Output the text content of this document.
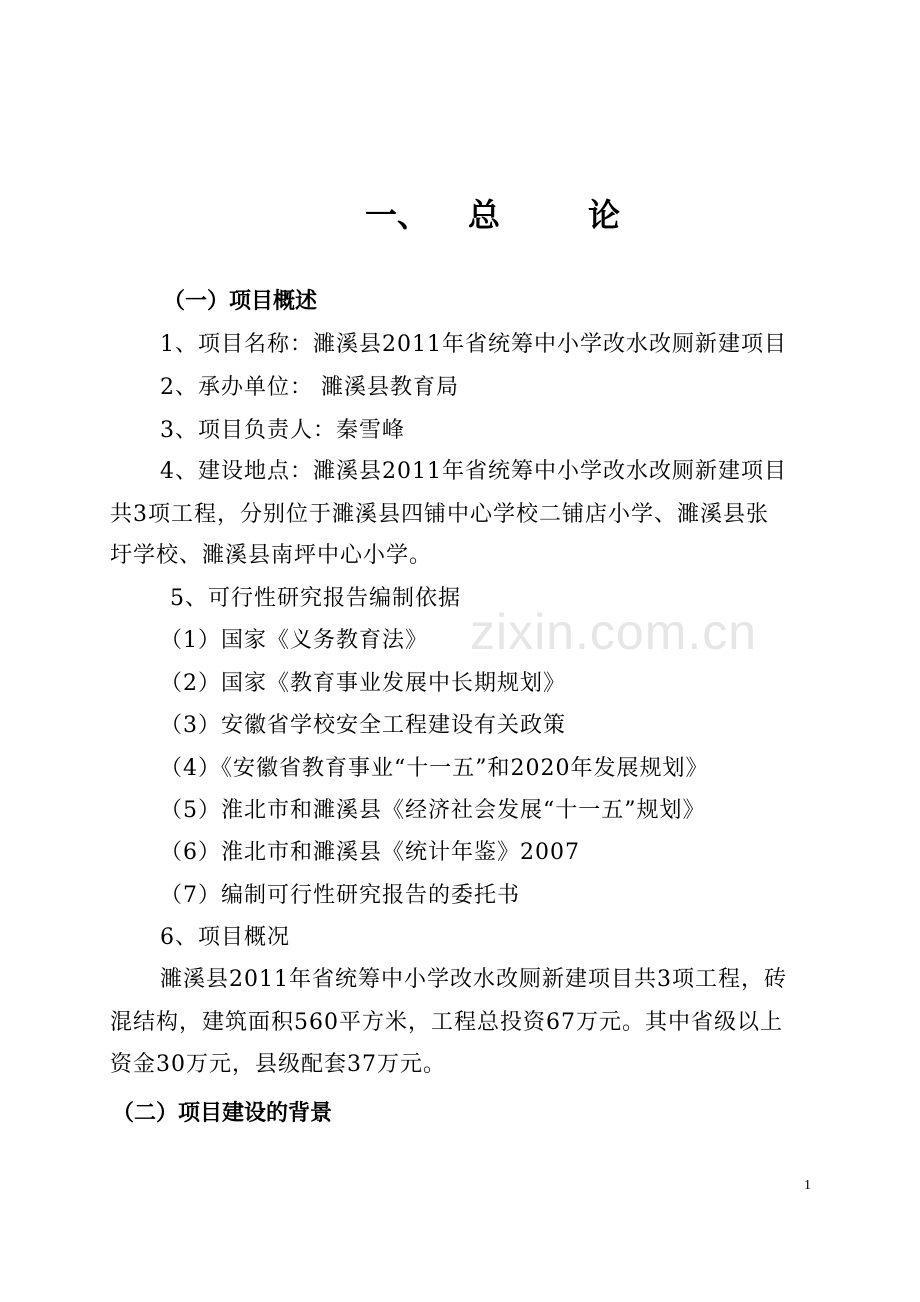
一、 总	论
（一）项目概述
1、项目名称：濉溪县2011年省统筹中小学改水改厕新建项目
2、承办单位： 濉溪县教育局
3、项目负责人：秦雪峰
4、建设地点：濉溪县2011年省统筹中小学改水改厕新建项目
共3项工程，分别位于濉溪县四铺中心学校二铺店小学、濉溪县张
圩学校、濉溪县南坪中心小学。
5、可行性研究报告编制依据
（1）国家《义务教育法》
（2）国家《教育事业发展中长期规划》
（3）安徽省学校安全工程建设有关政策
（4）《安徽省教育事业“十一五”和2020年发展规划》
（5）淮北市和濉溪县《经济社会发展“十一五”规划》
（6）淮北市和濉溪县《统计年鉴》2007
（7）编制可行性研究报告的委托书
6、项目概况
濉溪县2011年省统筹中小学改水改厕新建项目共3项工程，砖
混结构，建筑面积560平方米，工程总投资67万元。其中省级以上
资金30万元，县级配套37万元。
（二）项目建设的背景
zixin.com.cn
1
